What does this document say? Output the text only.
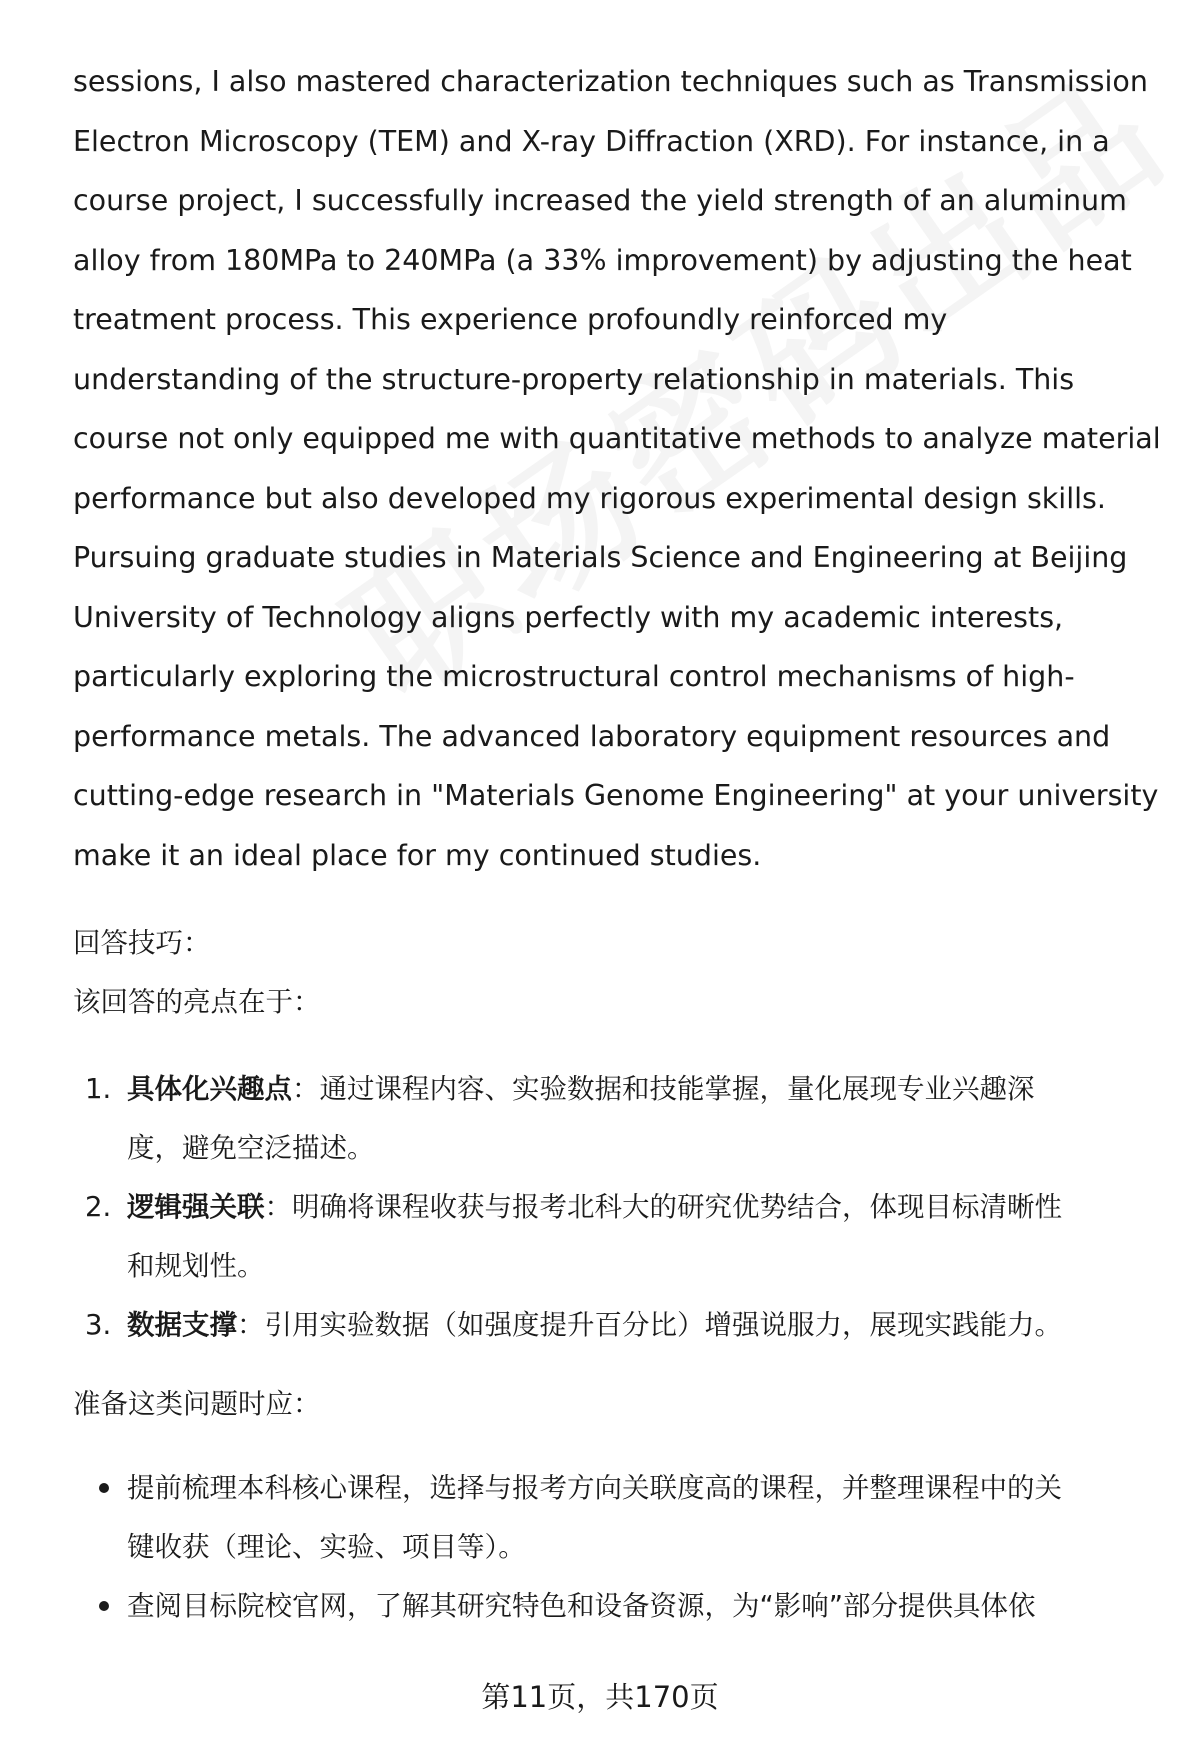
sessions, I also mastered characterization techniques such as Transmission
Electron Microscopy (TEM) and X-ray Diffraction (XRD). For instance, in a
course project, I successfully increased the yield strength of an aluminum
alloy from 180MPa to 240MPa (a 33% improvement) by adjusting the heat
treatment process. This experience profoundly reinforced my
understanding of the structure-property relationship in materials. This
course not only equipped me with quantitative methods to analyze material
performance but also developed my rigorous experimental design skills.
Pursuing graduate studies in Materials Science and Engineering at Beijing
University of Technology aligns perfectly with my academic interests,
particularly exploring the microstructural control mechanisms of high-
performance metals. The advanced laboratory equipment resources and
cutting-edge research in "Materials Genome Engineering" at your university
make it an ideal place for my continued studies.

回答技巧：
该回答的亮点在于：
1. 具体化兴趣点：通过课程内容、实验数据和技能掌握，量化展现专业兴趣深
度，避免空泛描述。
2. 逻辑强关联：明确将课程收获与报考北科大的研究优势结合，体现目标清晰性
和规划性。
3. 数据支撑：引用实验数据（如强度提升百分比）增强说服力，展现实践能力。
准备这类问题时应：
提前梳理本科核心课程，选择与报考方向关联度高的课程，并整理课程中的关
键收获（理论、实验、项目等）。
查阅目标院校官网，了解其研究特色和设备资源，为“影响”部分提供具体依
第11页，共170页
